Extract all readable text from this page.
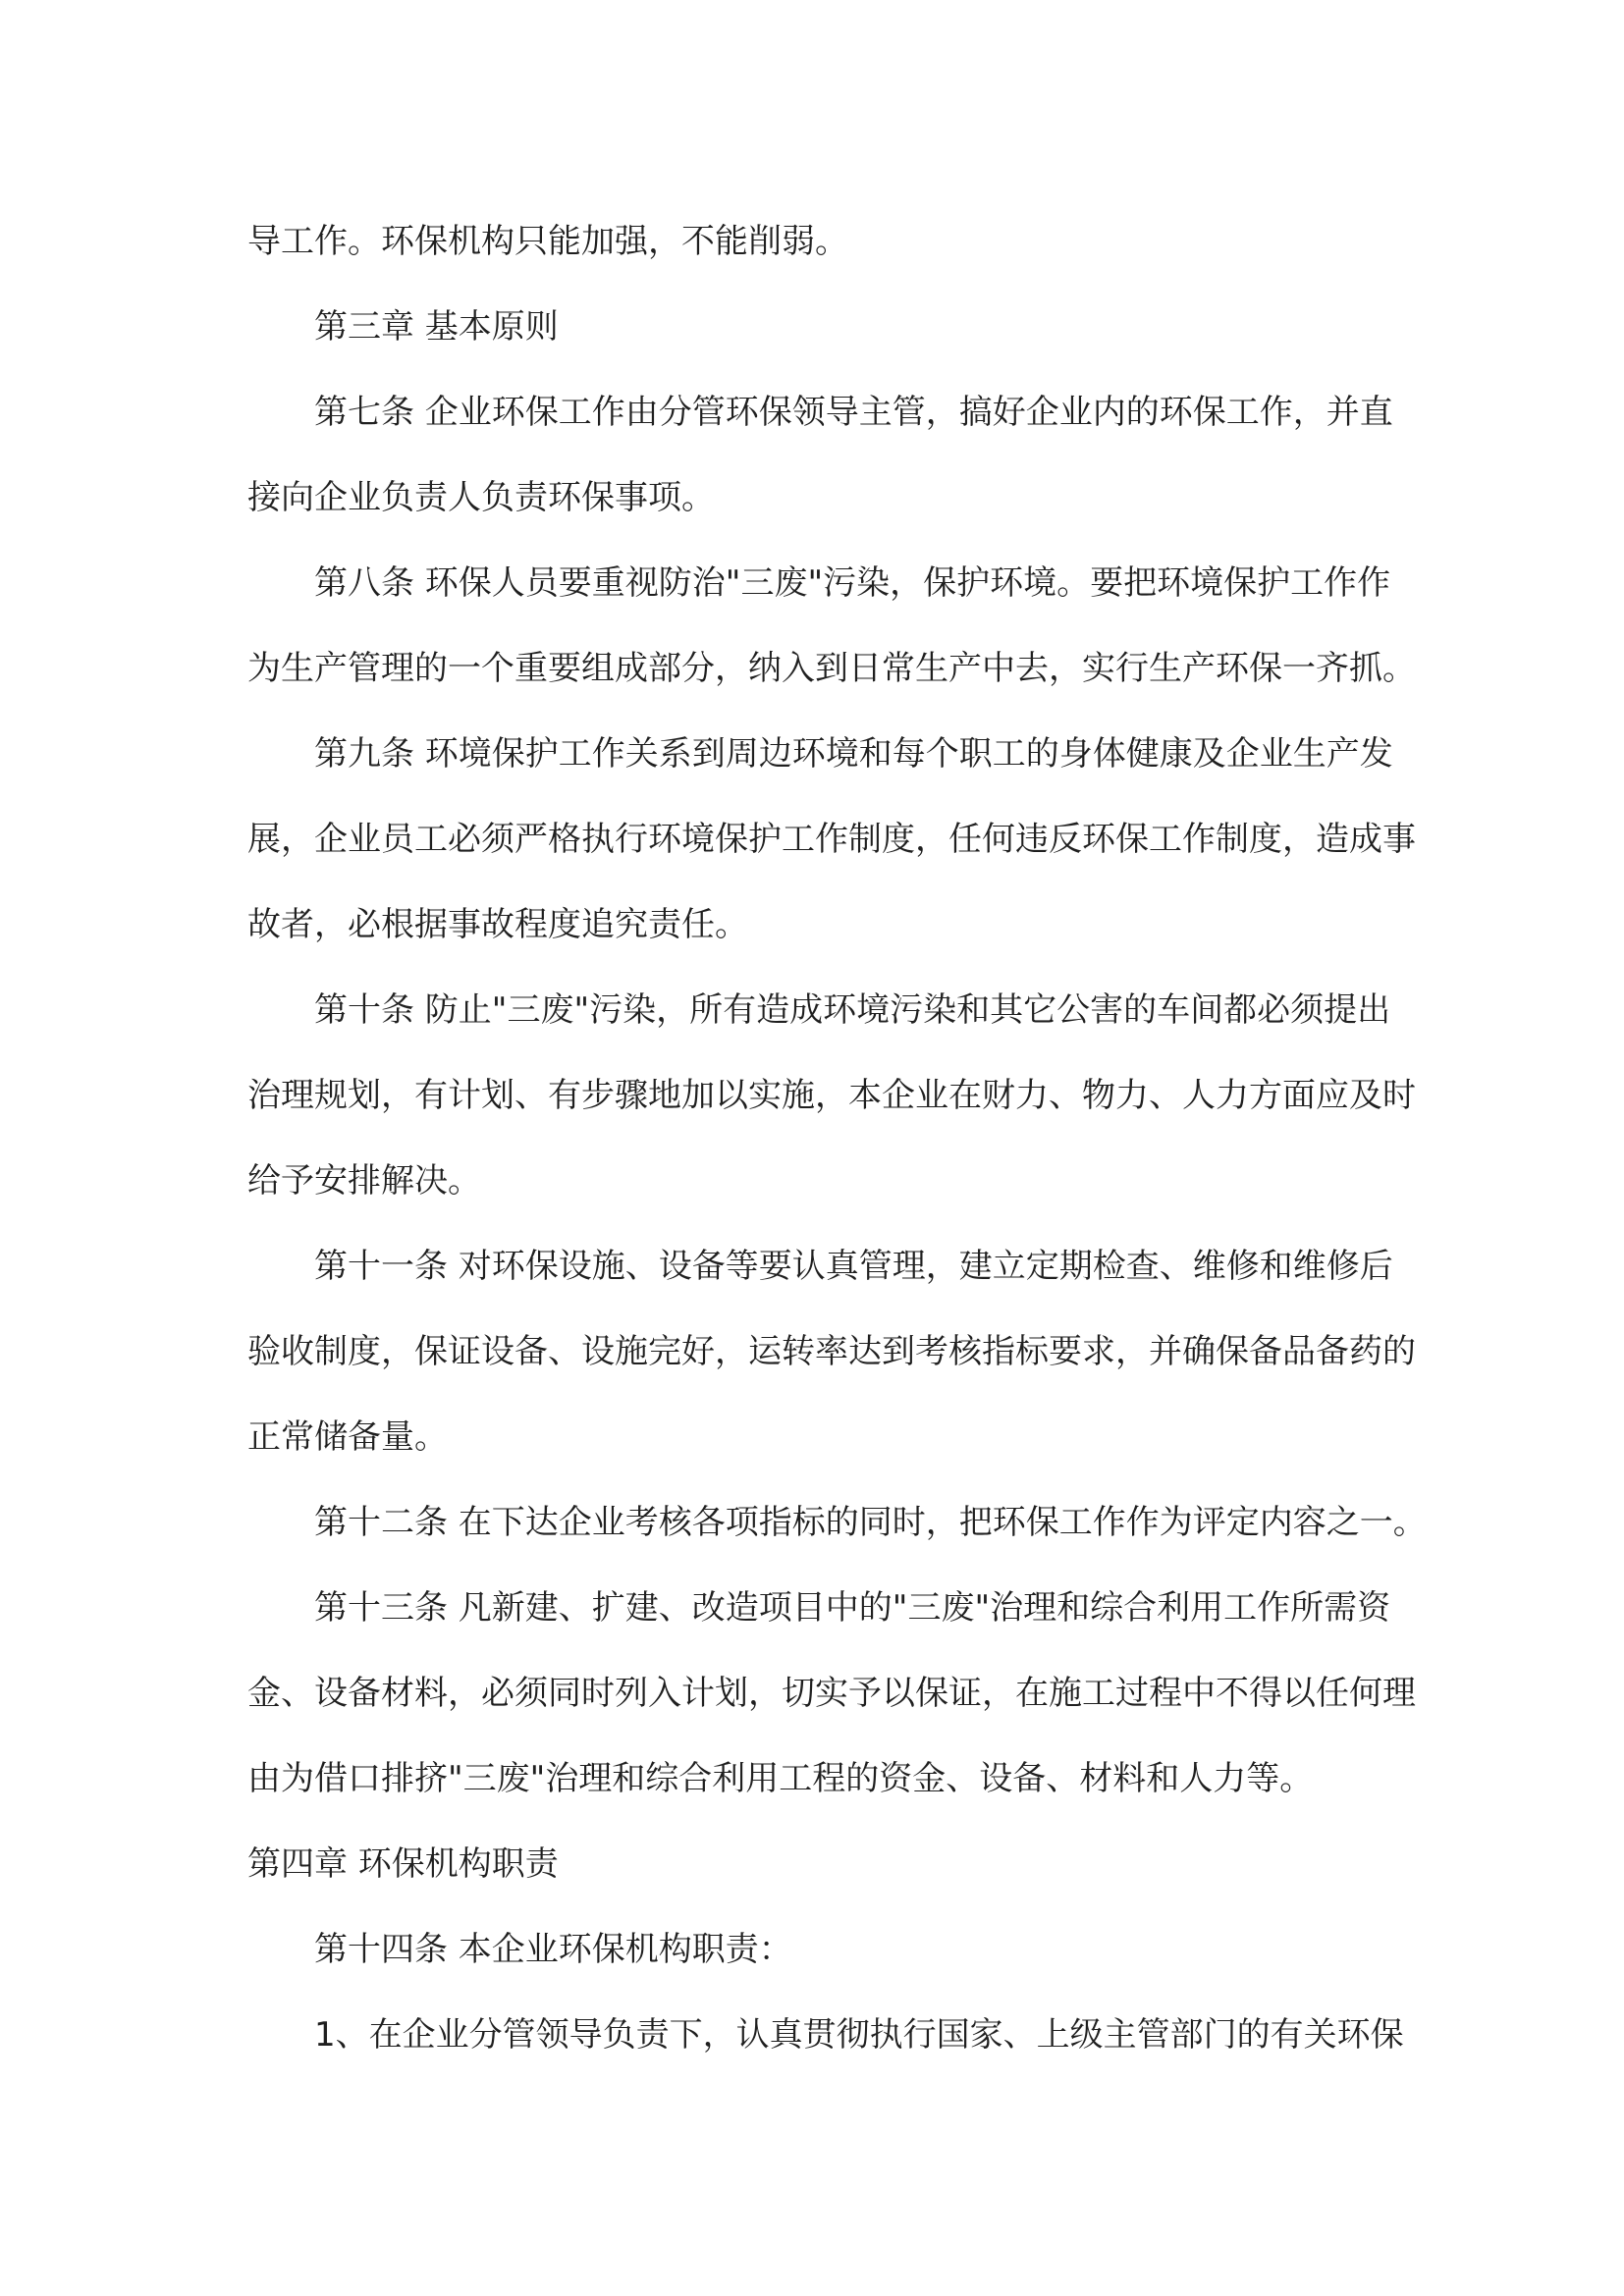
导工作。环保机构只能加强，不能削弱。
第三章 基本原则
第七条 企业环保工作由分管环保领导主管，搞好企业内的环保工作，并直
接向企业负责人负责环保事项。
第八条 环保人员要重视防治"三废"污染，保护环境。要把环境保护工作作
为生产管理的一个重要组成部分，纳入到日常生产中去，实行生产环保一齐抓。
第九条 环境保护工作关系到周边环境和每个职工的身体健康及企业生产发
展，企业员工必须严格执行环境保护工作制度，任何违反环保工作制度，造成事
故者，必根据事故程度追究责任。
第十条 防止"三废"污染，所有造成环境污染和其它公害的车间都必须提出
治理规划，有计划、有步骤地加以实施，本企业在财力、物力、人力方面应及时
给予安排解决。
第十一条 对环保设施、设备等要认真管理，建立定期检查、维修和维修后
验收制度，保证设备、设施完好，运转率达到考核指标要求，并确保备品备药的
正常储备量。
第十二条 在下达企业考核各项指标的同时，把环保工作作为评定内容之一。
第十三条 凡新建、扩建、改造项目中的"三废"治理和综合利用工作所需资
金、设备材料，必须同时列入计划，切实予以保证，在施工过程中不得以任何理
由为借口排挤"三废"治理和综合利用工程的资金、设备、材料和人力等。
第四章 环保机构职责
第十四条 本企业环保机构职责：
1、在企业分管领导负责下，认真贯彻执行国家、上级主管部门的有关环保
